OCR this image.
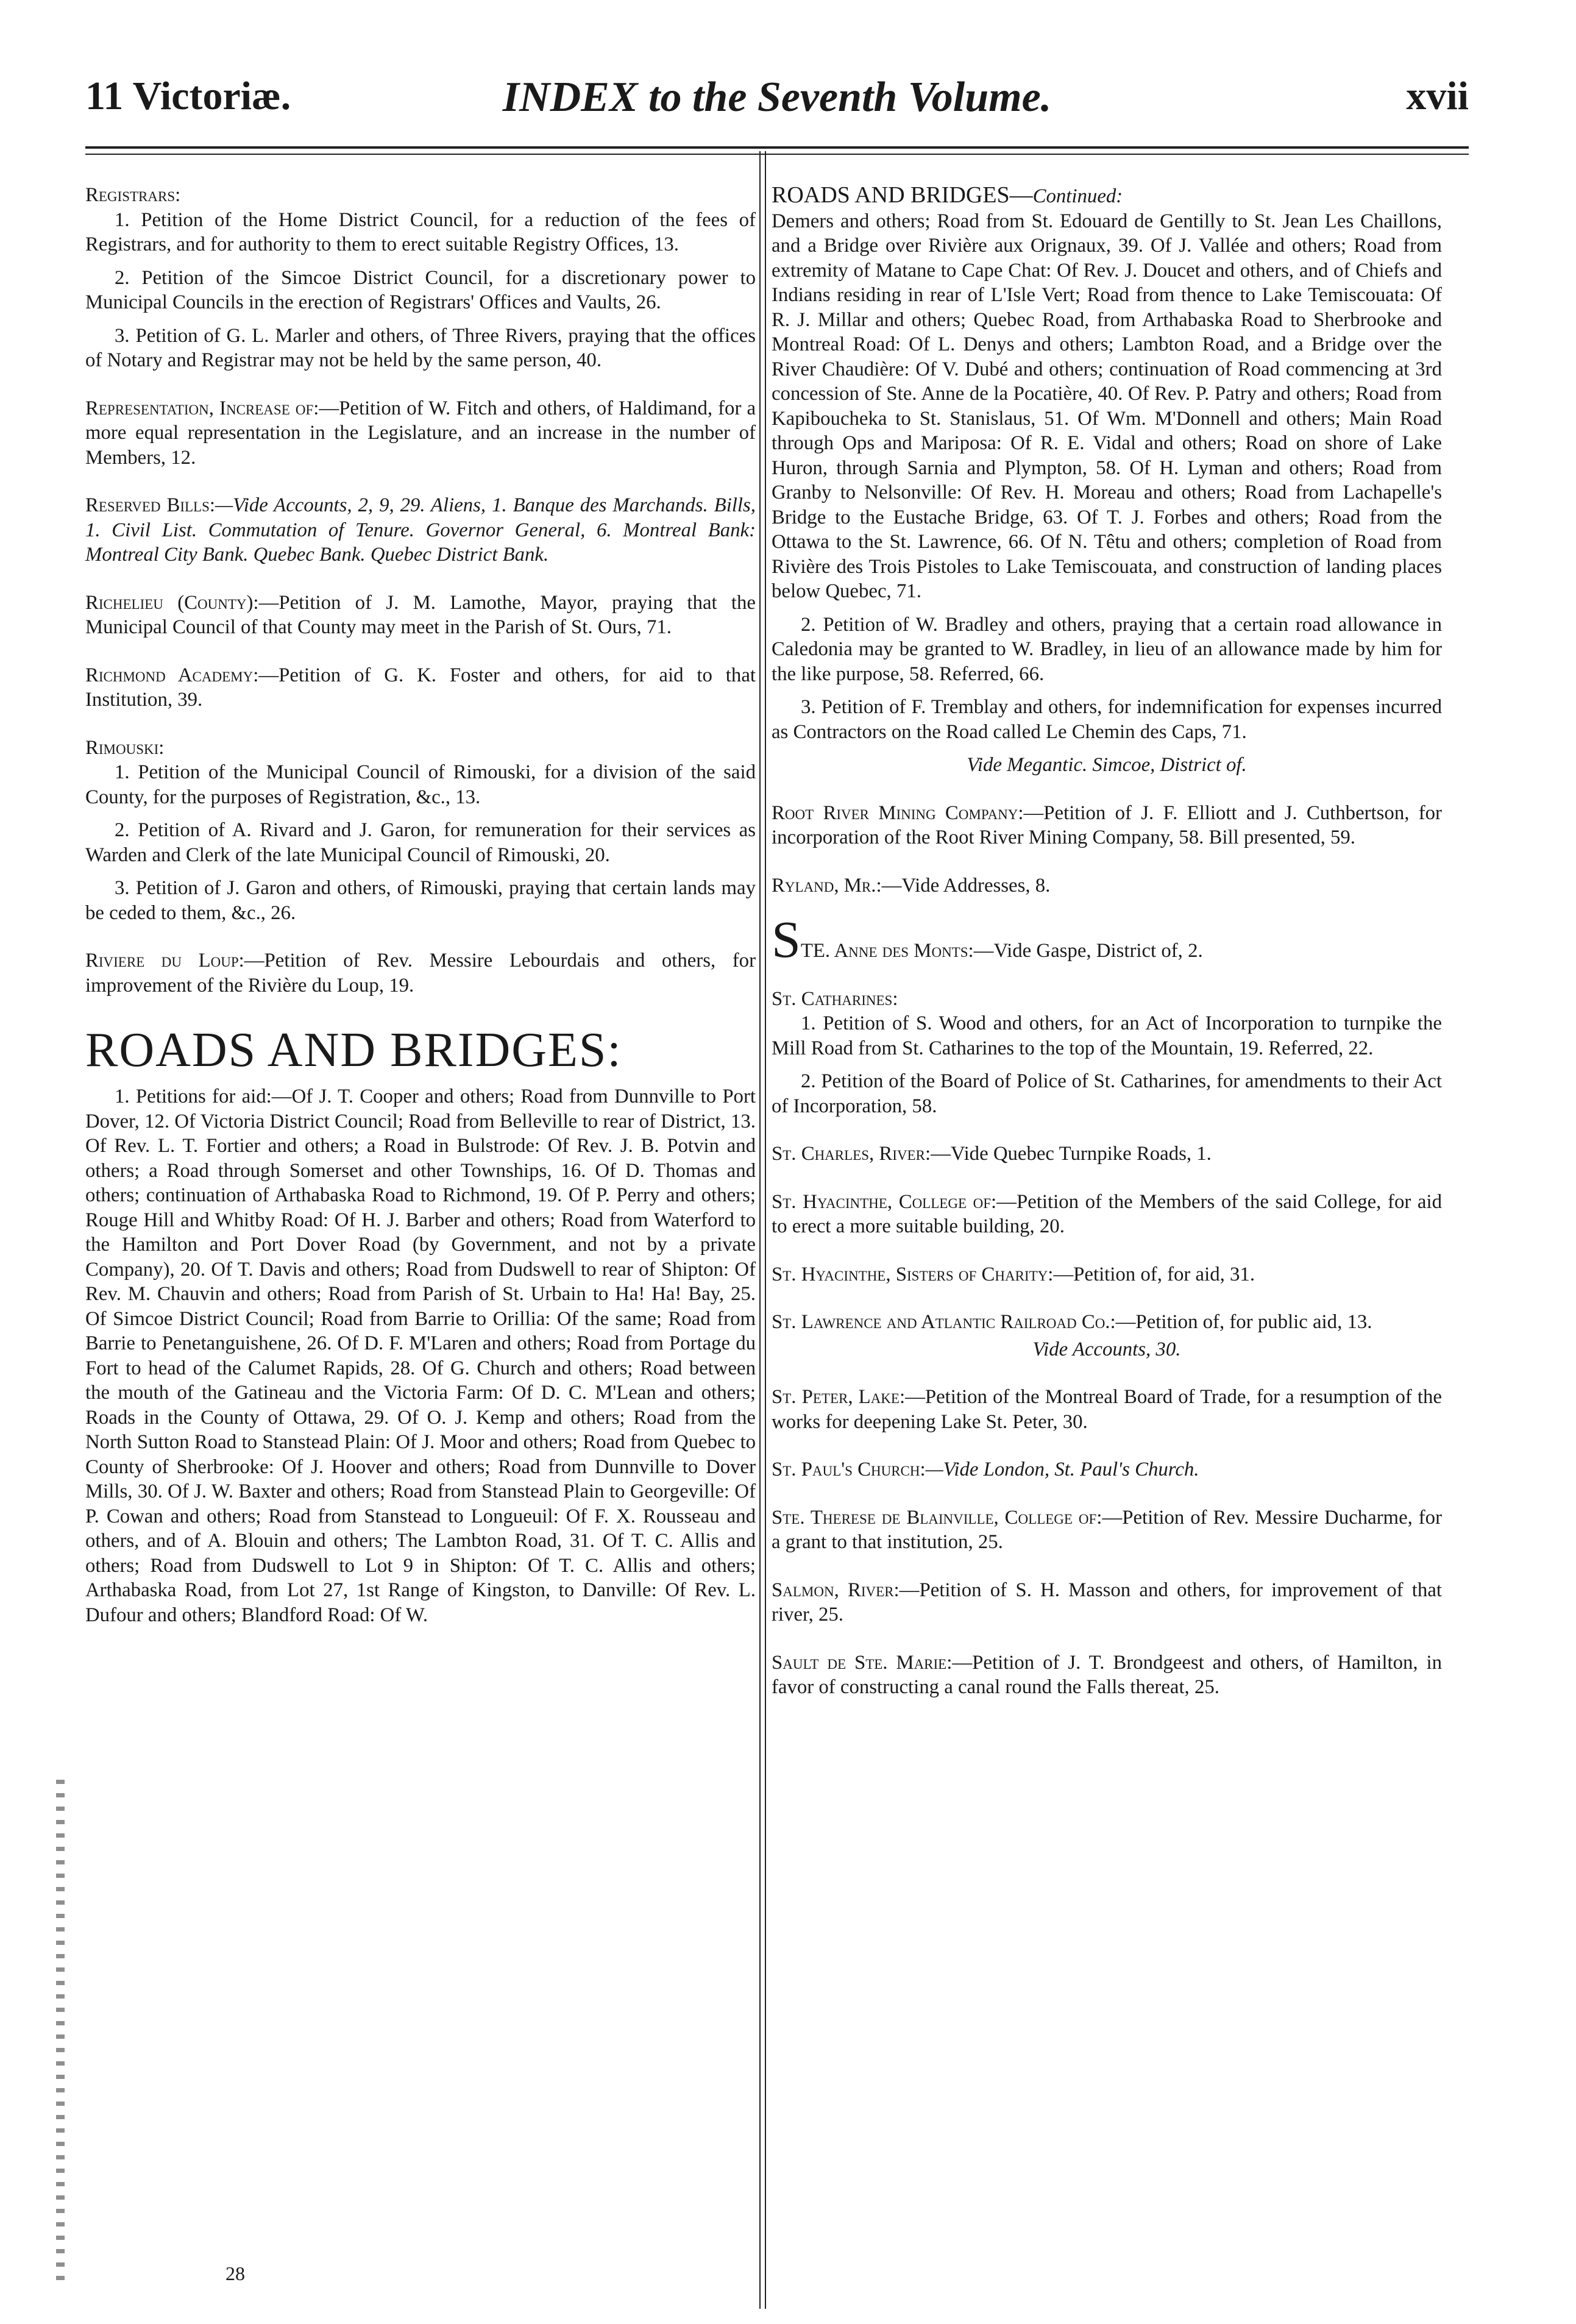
11 Victoriæ.	INDEX to the Seventh Volume.	xvii

Registrars:

1. Petition of the Home District Council, for a reduction of the fees of Registrars, and for authority to them to erect suitable Registry Offices, 13.

2. Petition of the Simcoe District Council, for a discretionary power to Municipal Councils in the erection of Registrars' Offices and Vaults, 26.

3. Petition of G. L. Marler and others, of Three Rivers, praying that the offices of Notary and Registrar may not be held by the same person, 40.

Representation, Increase of:—Petition of W. Fitch and others, of Haldimand, for a more equal representation in the Legislature, and an increase in the number of Members, 12.

Reserved Bills:—Vide Accounts, 2, 9, 29. Aliens, 1. Banque des Marchands. Bills, 1. Civil List. Commutation of Tenure. Governor General, 6. Montreal Bank: Montreal City Bank. Quebec Bank. Quebec District Bank.

Richelieu (County):—Petition of J. M. Lamothe, Mayor, praying that the Municipal Council of that County may meet in the Parish of St. Ours, 71.

Richmond Academy:—Petition of G. K. Foster and others, for aid to that Institution, 39.

Rimouski:

1. Petition of the Municipal Council of Rimouski, for a division of the said County, for the purposes of Registration, &c., 13.

2. Petition of A. Rivard and J. Garon, for remuneration for their services as Warden and Clerk of the late Municipal Council of Rimouski, 20.

3. Petition of J. Garon and others, of Rimouski, praying that certain lands may be ceded to them, &c., 26.

Riviere du Loup:—Petition of Rev. Messire Lebourdais and others, for improvement of the Rivière du Loup, 19.

ROADS AND BRIDGES:

1. Petitions for aid:—Of J. T. Cooper and others; Road from Dunnville to Port Dover, 12. Of Victoria District Council; Road from Belleville to rear of District, 13. Of Rev. L. T. Fortier and others; a Road in Bulstrode: Of Rev. J. B. Potvin and others; a Road through Somerset and other Townships, 16. Of D. Thomas and others; continuation of Arthabaska Road to Richmond, 19. Of P. Perry and others; Rouge Hill and Whitby Road: Of H. J. Barber and others; Road from Waterford to the Hamilton and Port Dover Road (by Government, and not by a private Company), 20. Of T. Davis and others; Road from Dudswell to rear of Shipton: Of Rev. M. Chauvin and others; Road from Parish of St. Urbain to Ha! Ha! Bay, 25. Of Simcoe District Council; Road from Barrie to Orillia: Of the same; Road from Barrie to Penetanguishene, 26. Of D. F. M'Laren and others; Road from Portage du Fort to head of the Calumet Rapids, 28. Of G. Church and others; Road between the mouth of the Gatineau and the Victoria Farm: Of D. C. M'Lean and others; Roads in the County of Ottawa, 29. Of O. J. Kemp and others; Road from the North Sutton Road to Stanstead Plain: Of J. Moor and others; Road from Quebec to County of Sherbrooke: Of J. Hoover and others; Road from Dunnville to Dover Mills, 30. Of J. W. Baxter and others; Road from Stanstead Plain to Georgeville: Of P. Cowan and others; Road from Stanstead to Longueuil: Of F. X. Rousseau and others, and of A. Blouin and others; The Lambton Road, 31. Of T. C. Allis and others; Road from Dudswell to Lot 9 in Shipton: Of T. C. Allis and others; Arthabaska Road, from Lot 27, 1st Range of Kingston, to Danville: Of Rev. L. Dufour and others; Blandford Road: Of W.

28

ROADS AND BRIDGES—Continued:

Demers and others; Road from St. Edouard de Gentilly to St. Jean Les Chaillons, and a Bridge over Rivière aux Orignaux, 39. Of J. Vallée and others; Road from extremity of Matane to Cape Chat: Of Rev. J. Doucet and others, and of Chiefs and Indians residing in rear of L'Isle Vert; Road from thence to Lake Temiscouata: Of R. J. Millar and others; Quebec Road, from Arthabaska Road to Sherbrooke and Montreal Road: Of L. Denys and others; Lambton Road, and a Bridge over the River Chaudière: Of V. Dubé and others; continuation of Road commencing at 3rd concession of Ste. Anne de la Pocatière, 40. Of Rev. P. Patry and others; Road from Kapiboucheka to St. Stanislaus, 51. Of Wm. M'Donnell and others; Main Road through Ops and Mariposa: Of R. E. Vidal and others; Road on shore of Lake Huron, through Sarnia and Plympton, 58. Of H. Lyman and others; Road from Granby to Nelsonville: Of Rev. H. Moreau and others; Road from Lachapelle's Bridge to the Eustache Bridge, 63. Of T. J. Forbes and others; Road from the Ottawa to the St. Lawrence, 66. Of N. Têtu and others; completion of Road from Rivière des Trois Pistoles to Lake Temiscouata, and construction of landing places below Quebec, 71.

2. Petition of W. Bradley and others, praying that a certain road allowance in Caledonia may be granted to W. Bradley, in lieu of an allowance made by him for the like purpose, 58. Referred, 66.

3. Petition of F. Tremblay and others, for indemnification for expenses incurred as Contractors on the Road called Le Chemin des Caps, 71.

Vide Megantic. Simcoe, District of.

Root River Mining Company:—Petition of J. F. Elliott and J. Cuthbertson, for incorporation of the Root River Mining Company, 58. Bill presented, 59.

Ryland, Mr.:—Vide Addresses, 8.

STE. Anne des Monts:—Vide Gaspe, District of, 2.

St. Catharines:

1. Petition of S. Wood and others, for an Act of Incorporation to turnpike the Mill Road from St. Catharines to the top of the Mountain, 19. Referred, 22.

2. Petition of the Board of Police of St. Catharines, for amendments to their Act of Incorporation, 58.

St. Charles, River:—Vide Quebec Turnpike Roads, 1.

St. Hyacinthe, College of:—Petition of the Members of the said College, for aid to erect a more suitable building, 20.

St. Hyacinthe, Sisters of Charity:—Petition of, for aid, 31.

St. Lawrence and Atlantic Railroad Co.:—Petition of, for public aid, 13.

Vide Accounts, 30.

St. Peter, Lake:—Petition of the Montreal Board of Trade, for a resumption of the works for deepening Lake St. Peter, 30.

St. Paul's Church:—Vide London, St. Paul's Church.

Ste. Therese de Blainville, College of:—Petition of Rev. Messire Ducharme, for a grant to that institution, 25.

Salmon, River:—Petition of S. H. Masson and others, for improvement of that river, 25.

Sault de Ste. Marie:—Petition of J. T. Brondgeest and others, of Hamilton, in favor of constructing a canal round the Falls thereat, 25.
